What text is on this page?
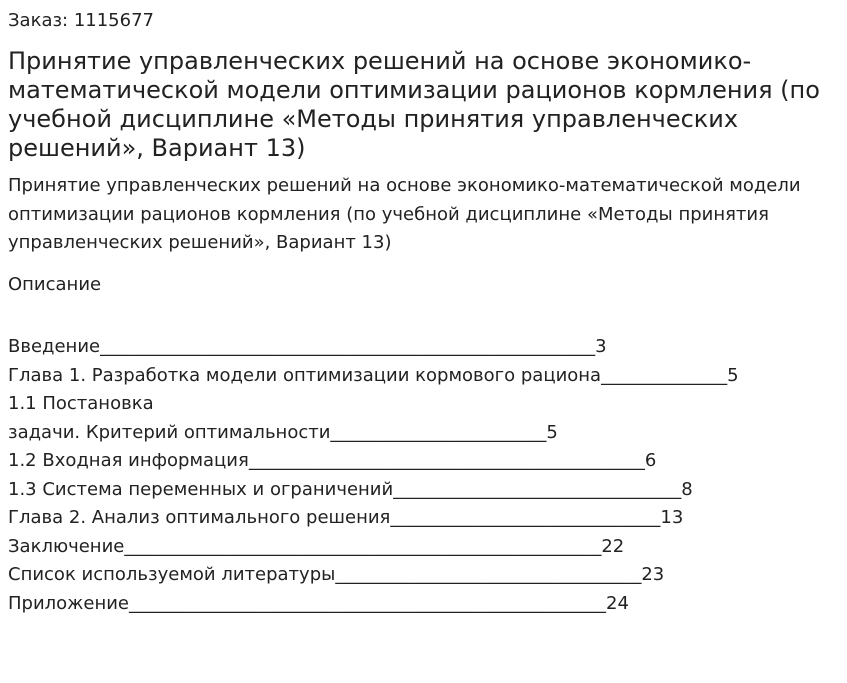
Заказ: 1115677
Принятие управленческих решений на основе экономико-математической модели оптимизации рационов кормления (по учебной дисциплине «Методы принятия управленческих решений», Вариант 13)

Принятие управленческих решений на основе экономико-математической модели оптимизации рационов кормления (по учебной дисциплине «Методы принятия управленческих решений», Вариант 13)

Описание
Введение_______________________________________________________3
Глава 1. Разработка модели оптимизации кормового рациона______________5
1.1 Постановка
задачи. Критерий оптимальности________________________5
1.2 Входная информация____________________________________________6
1.3 Система переменных и ограничений________________________________8
Глава 2. Анализ оптимального решения______________________________13
Заключение_____________________________________________________22
Список используемой литературы__________________________________23
Приложение_____________________________________________________24
